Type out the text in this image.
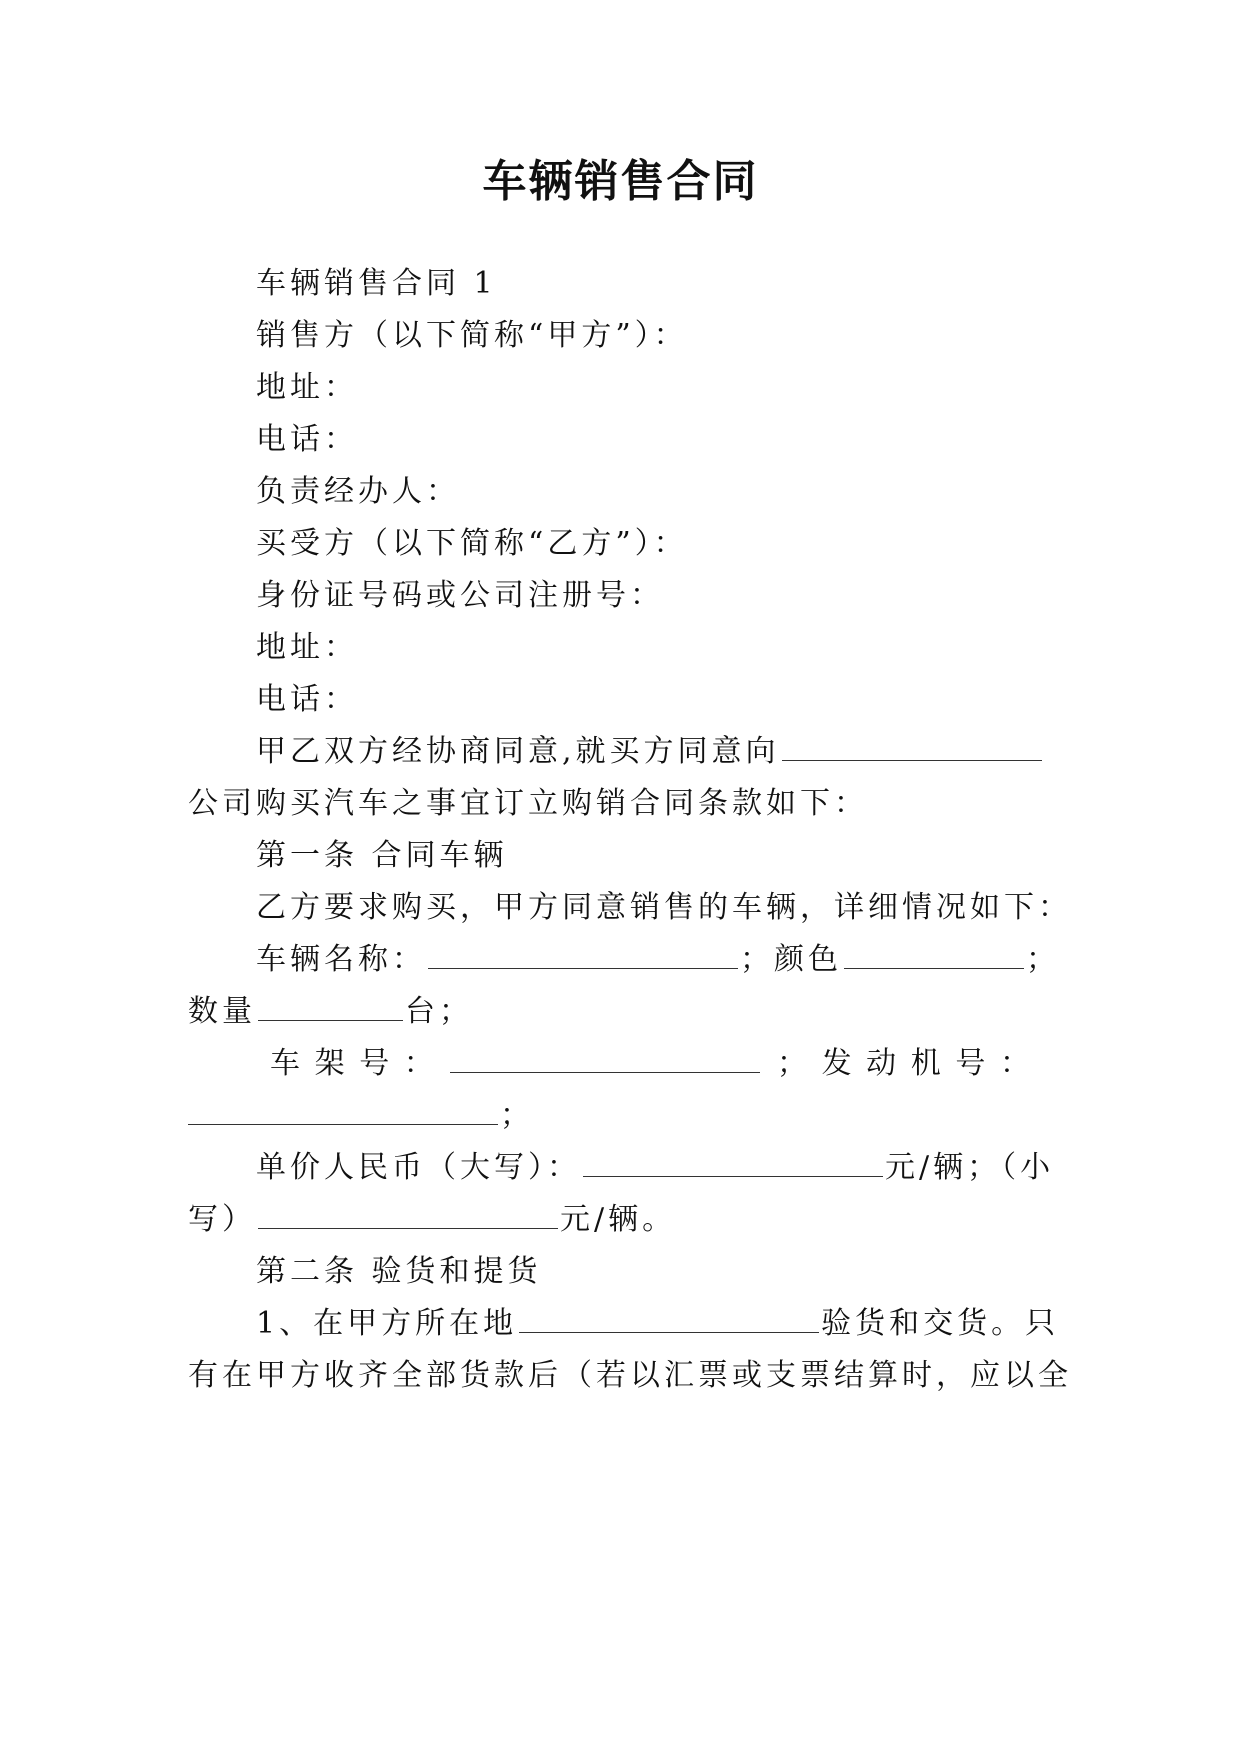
车辆销售合同
车辆销售合同 1
销售方（以下简称“甲方”）：
地址：
电话：
负责经办人：
买受方（以下简称“乙方”）：
身份证号码或公司注册号：
地址：
电话：
甲乙双方经协商同意,就买方同意向
公司购买汽车之事宜订立购销合同条款如下：
第一条 合同车辆
乙方要求购买，甲方同意销售的车辆，详细情况如下：
车辆名称：	；颜色	；
数量	台；
车 架 号 ：	； 发 动 机 号 ：
；
单价人民币（大写）：	元/辆；（小
写）	元/辆。
第二条 验货和提货
1、在甲方所在地	验货和交货。只
有在甲方收齐全部货款后（若以汇票或支票结算时，应以全
